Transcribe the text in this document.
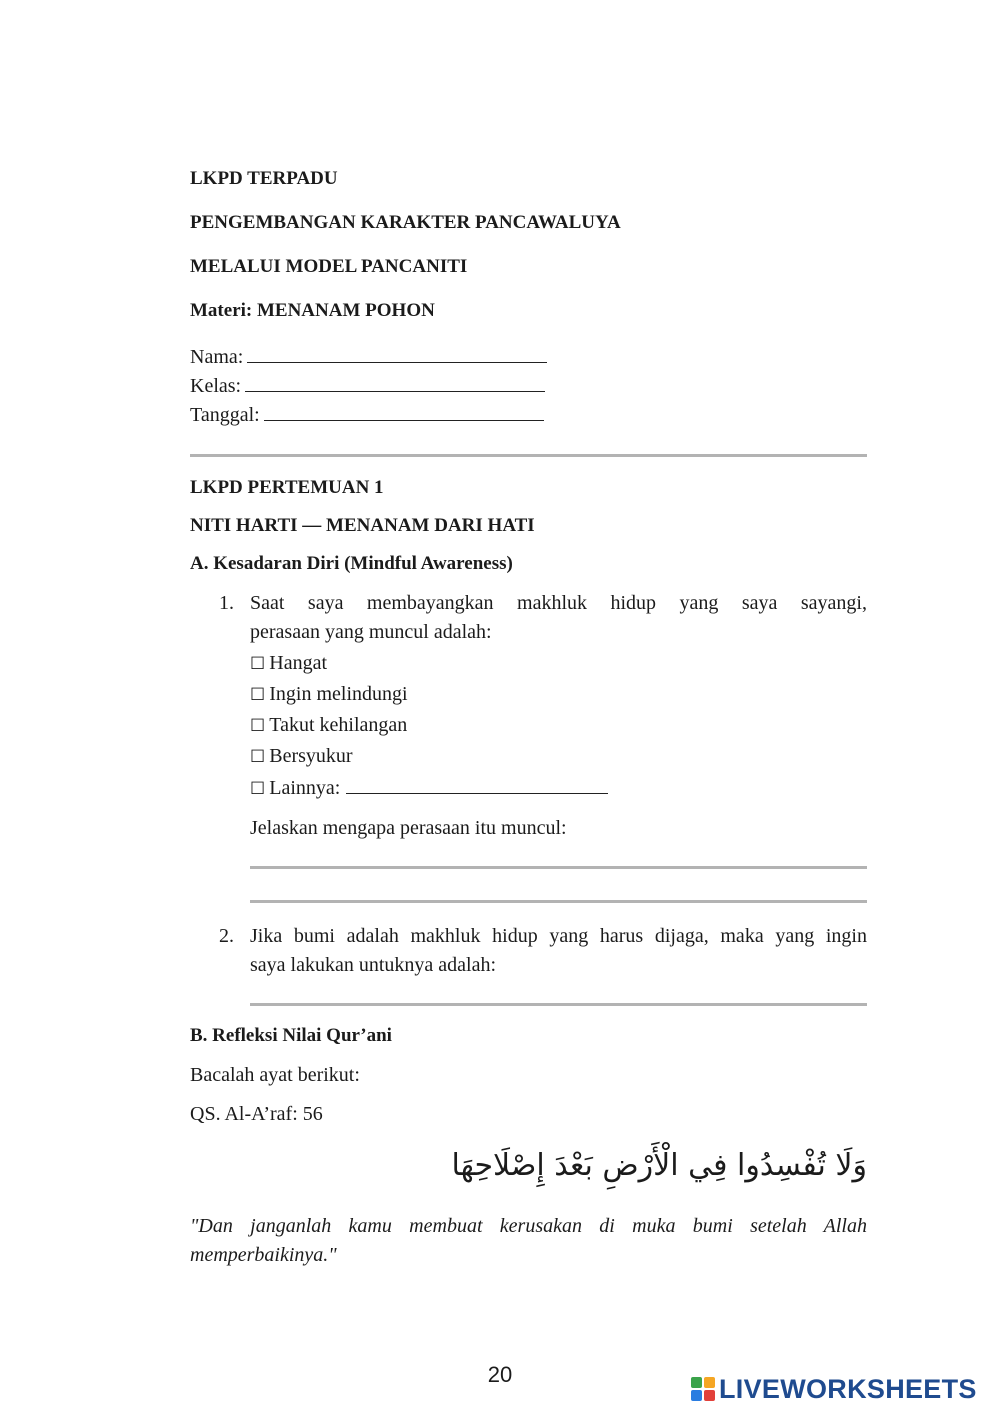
LKPD TERPADU
PENGEMBANGAN KARAKTER PANCAWALUYA
MELALUI MODEL PANCANITI
Materi: MENANAM POHON
Nama:
Kelas:
Tanggal:
LKPD PERTEMUAN 1
NITI HARTI — MENANAM DARI HATI
A. Kesadaran Diri (Mindful Awareness)
1. Saat saya membayangkan makhluk hidup yang saya sayangi,
perasaan yang muncul adalah:
☐ Hangat
☐ Ingin melindungi
☐ Takut kehilangan
☐ Bersyukur
☐ Lainnya:
Jelaskan mengapa perasaan itu muncul:
2. Jika bumi adalah makhluk hidup yang harus dijaga, maka yang ingin
saya lakukan untuknya adalah:
B. Refleksi Nilai Qur’ani
Bacalah ayat berikut:
QS. Al-A’raf: 56
وَلَا تُفْسِدُوا فِي الْأَرْضِ بَعْدَ إِصْلَاحِهَا
"Dan janganlah kamu membuat kerusakan di muka bumi setelah Allah
memperbaikinya."
20	LIVEWORKSHEETS
